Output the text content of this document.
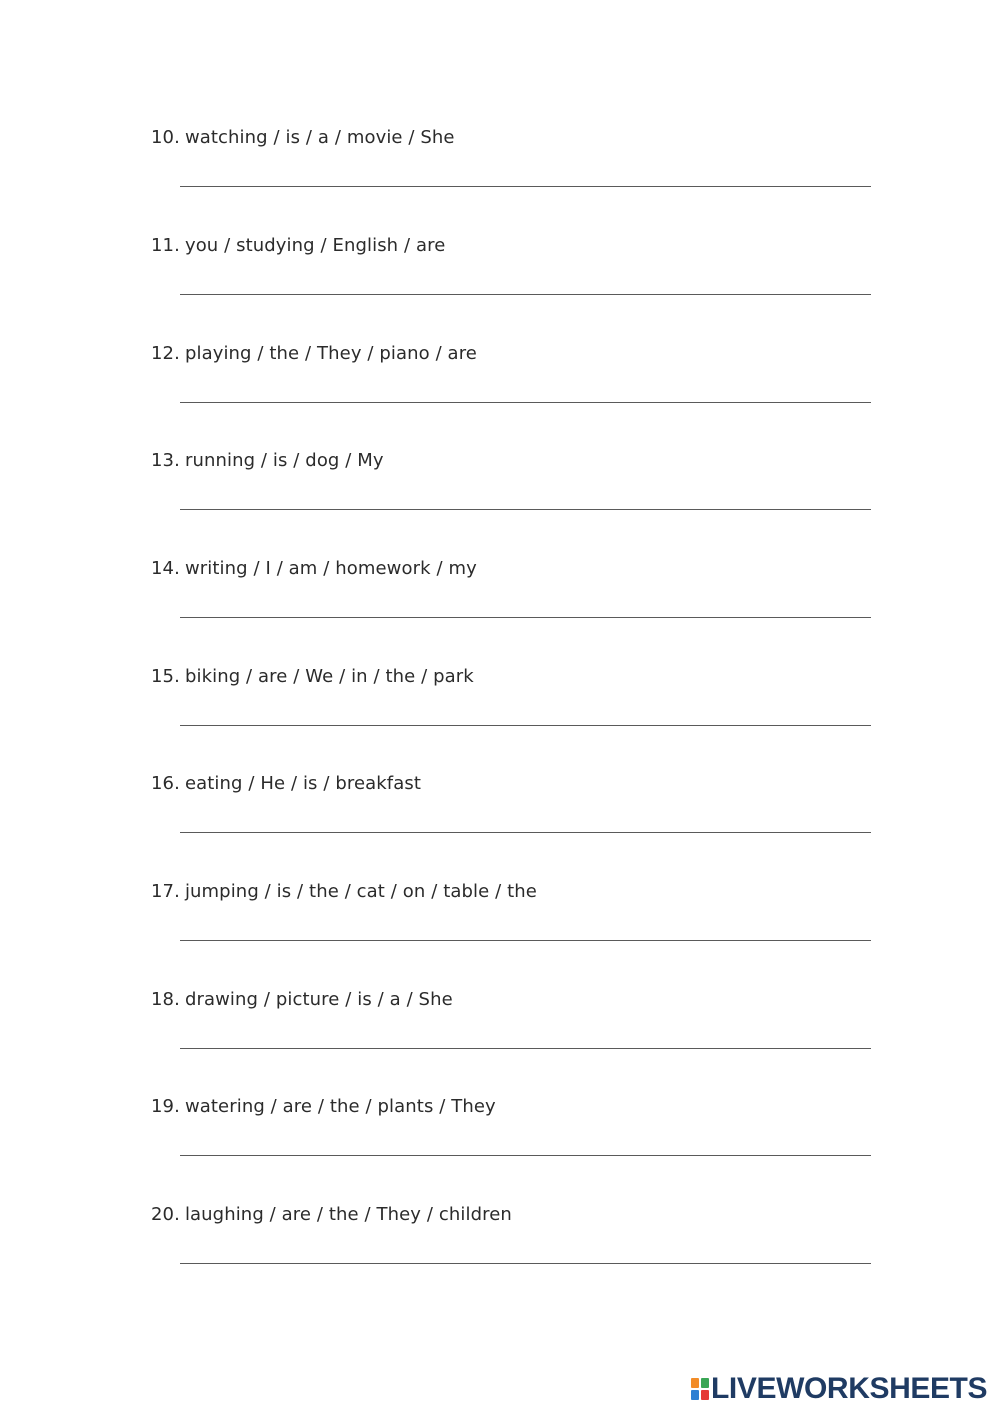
10. watching / is / a / movie / She
11. you / studying / English / are
12. playing / the / They / piano / are
13. running / is / dog / My
14. writing / I / am / homework / my
15. biking / are / We / in / the / park
16. eating / He / is / breakfast
17. jumping / is / the / cat / on / table / the
18. drawing / picture / is / a / She
19. watering / are / the / plants / They
20. laughing / are / the / They / children
LIVEWORKSHEETS
